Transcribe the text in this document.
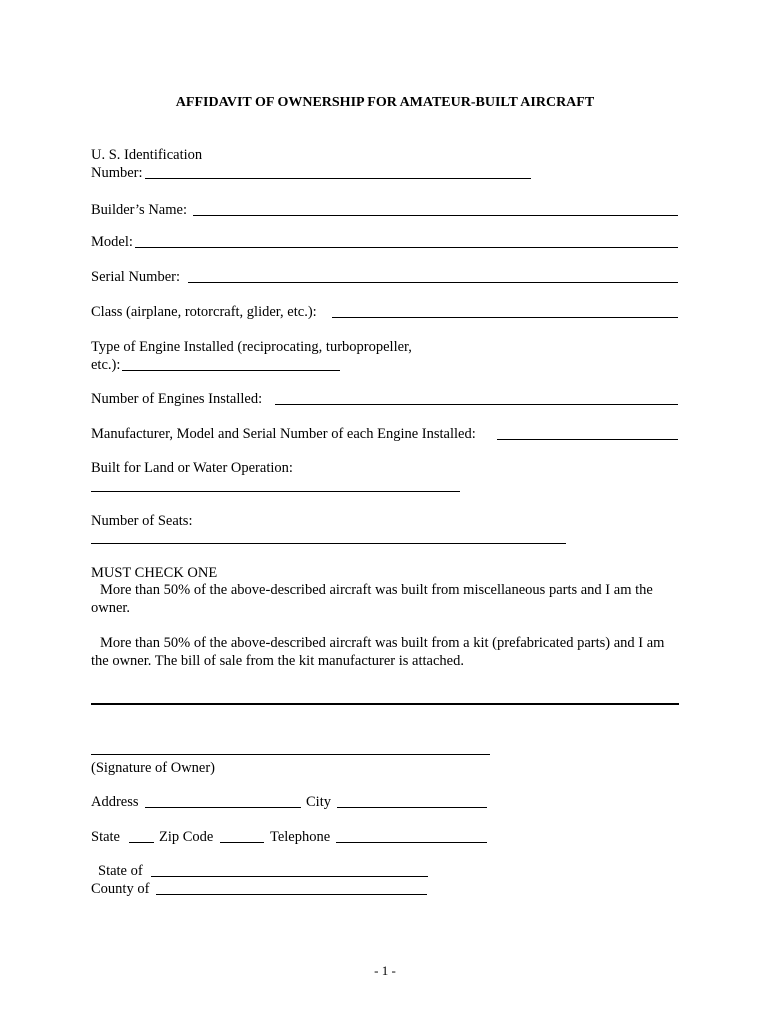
AFFIDAVIT OF OWNERSHIP FOR AMATEUR-BUILT AIRCRAFT
U. S. Identification
Number:
Builder’s Name:
Model:
Serial Number:
Class (airplane, rotorcraft, glider, etc.):
Type of Engine Installed (reciprocating, turbopropeller,
etc.):
Number of Engines Installed:
Manufacturer, Model and Serial Number of each Engine Installed:
Built for Land or Water Operation:
Number of Seats:
MUST CHECK ONE
More than 50% of the above-described aircraft was built from miscellaneous parts and I am the owner.
More than 50% of the above-described aircraft was built from a kit (prefabricated parts) and I am the owner. The bill of sale from the kit manufacturer is attached.
(Signature of Owner)
Address	City
State	Zip Code	Telephone
State of
County of
- 1 -
